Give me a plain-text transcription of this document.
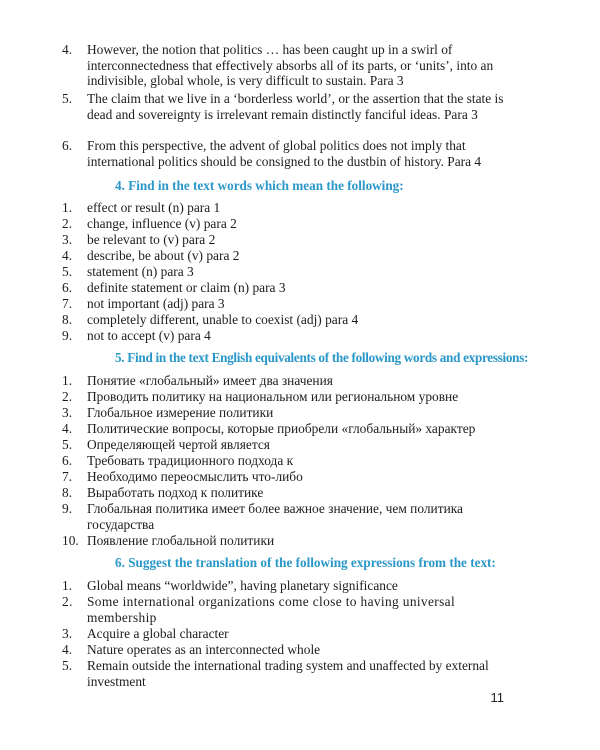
4.	However, the notion that politics … has been caught up in a swirl of interconnectedness that effectively absorbs all of its parts, or ‘units’, into an indivisible, global whole, is very difficult to sustain. Para 3
5.	The claim that we live in a ‘borderless world’, or the assertion that the state is dead and sovereignty is irrelevant remain distinctly fanciful ideas. Para 3
6.	From this perspective, the advent of global politics does not imply that international politics should be consigned to the dustbin of history. Para 4
4. Find in the text words which mean the following:
1.	effect or result (n) para 1
2.	change, influence (v) para 2
3.	be relevant to (v) para 2
4.	describe, be about (v) para 2
5.	statement (n) para 3
6.	definite statement or claim (n) para 3
7.	not important (adj) para 3
8.	completely different, unable to coexist (adj) para 4
9.	not to accept (v) para 4
5. Find in the text English equivalents of the following words and expressions:
1.	Понятие «глобальный» имеет два значения
2.	Проводить политику на национальном или региональном уровне
3.	Глобальное измерение политики
4.	Политические вопросы, которые приобрели «глобальный» характер
5.	Определяющей чертой является
6.	Требовать традиционного подхода к
7.	Необходимо переосмыслить что-либо
8.	Выработать подход к политике
9.	Глобальная политика имеет более важное значение, чем политика государства
10. Появление глобальной политики
6. Suggest the translation of the following expressions from the text:
1.	Global means “worldwide”, having planetary significance
2.	Some international organizations come close to having universal membership
3.	Acquire a global character
4.	Nature operates as an interconnected whole
5.	Remain outside the international trading system and unaffected by external investment
11
